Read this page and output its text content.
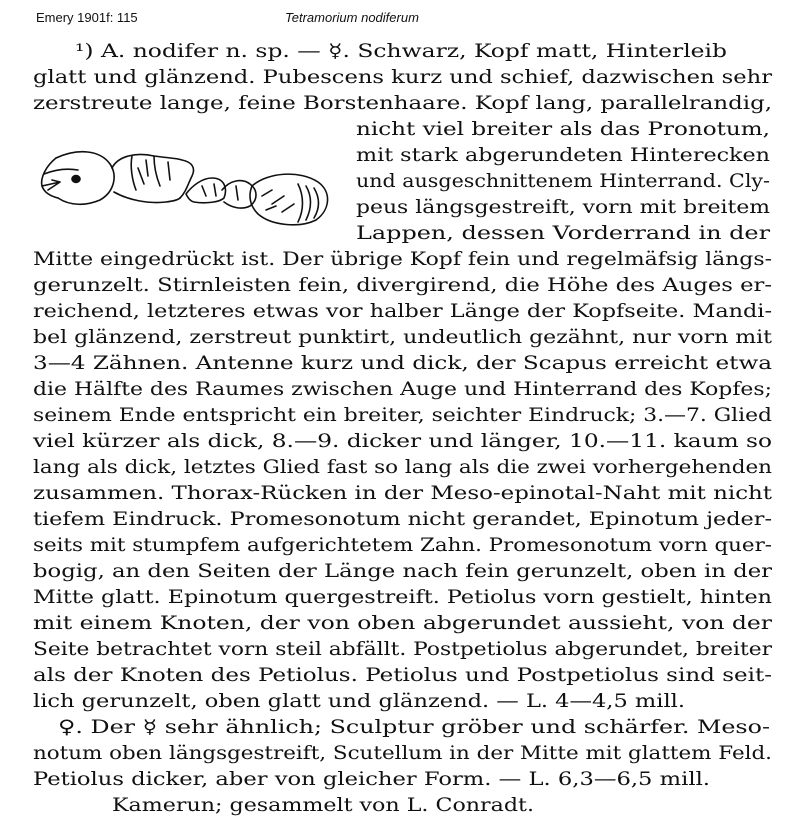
Emery 1901f: 115	Tetramorium nodiferum
¹) A. nodifer n. sp. — ☿. Schwarz, Kopf matt, Hinterleib
glatt und glänzend. Pubescens kurz und schief, dazwischen sehr
zerstreute lange, feine Borstenhaare. Kopf lang, parallelrandig,
nicht viel breiter als das Pronotum,
mit stark abgerundeten Hinterecken
und ausgeschnittenem Hinterrand. Cly-
peus längsgestreift, vorn mit breitem
Lappen, dessen Vorderrand in der
Mitte eingedrückt ist. Der übrige Kopf fein und regelmäfsig längs-
gerunzelt. Stirnleisten fein, divergirend, die Höhe des Auges er-
reichend, letzteres etwas vor halber Länge der Kopfseite. Mandi-
bel glänzend, zerstreut punktirt, undeutlich gezähnt, nur vorn mit
3—4 Zähnen. Antenne kurz und dick, der Scapus erreicht etwa
die Hälfte des Raumes zwischen Auge und Hinterrand des Kopfes;
seinem Ende entspricht ein breiter, seichter Eindruck; 3.—7. Glied
viel kürzer als dick, 8.—9. dicker und länger, 10.—11. kaum so
lang als dick, letztes Glied fast so lang als die zwei vorhergehenden
zusammen. Thorax-Rücken in der Meso-epinotal-Naht mit nicht
tiefem Eindruck. Promesonotum nicht gerandet, Epinotum jeder-
seits mit stumpfem aufgerichtetem Zahn. Promesonotum vorn quer-
bogig, an den Seiten der Länge nach fein gerunzelt, oben in der
Mitte glatt. Epinotum quergestreift. Petiolus vorn gestielt, hinten
mit einem Knoten, der von oben abgerundet aussieht, von der
Seite betrachtet vorn steil abfällt. Postpetiolus abgerundet, breiter
als der Knoten des Petiolus. Petiolus und Postpetiolus sind seit-
lich gerunzelt, oben glatt und glänzend. — L. 4—4,5 mill.
♀. Der ☿ sehr ähnlich; Sculptur gröber und schärfer. Meso-
notum oben längsgestreift, Scutellum in der Mitte mit glattem Feld.
Petiolus dicker, aber von gleicher Form. — L. 6,3—6,5 mill.
Kamerun; gesammelt von L. Conradt.
